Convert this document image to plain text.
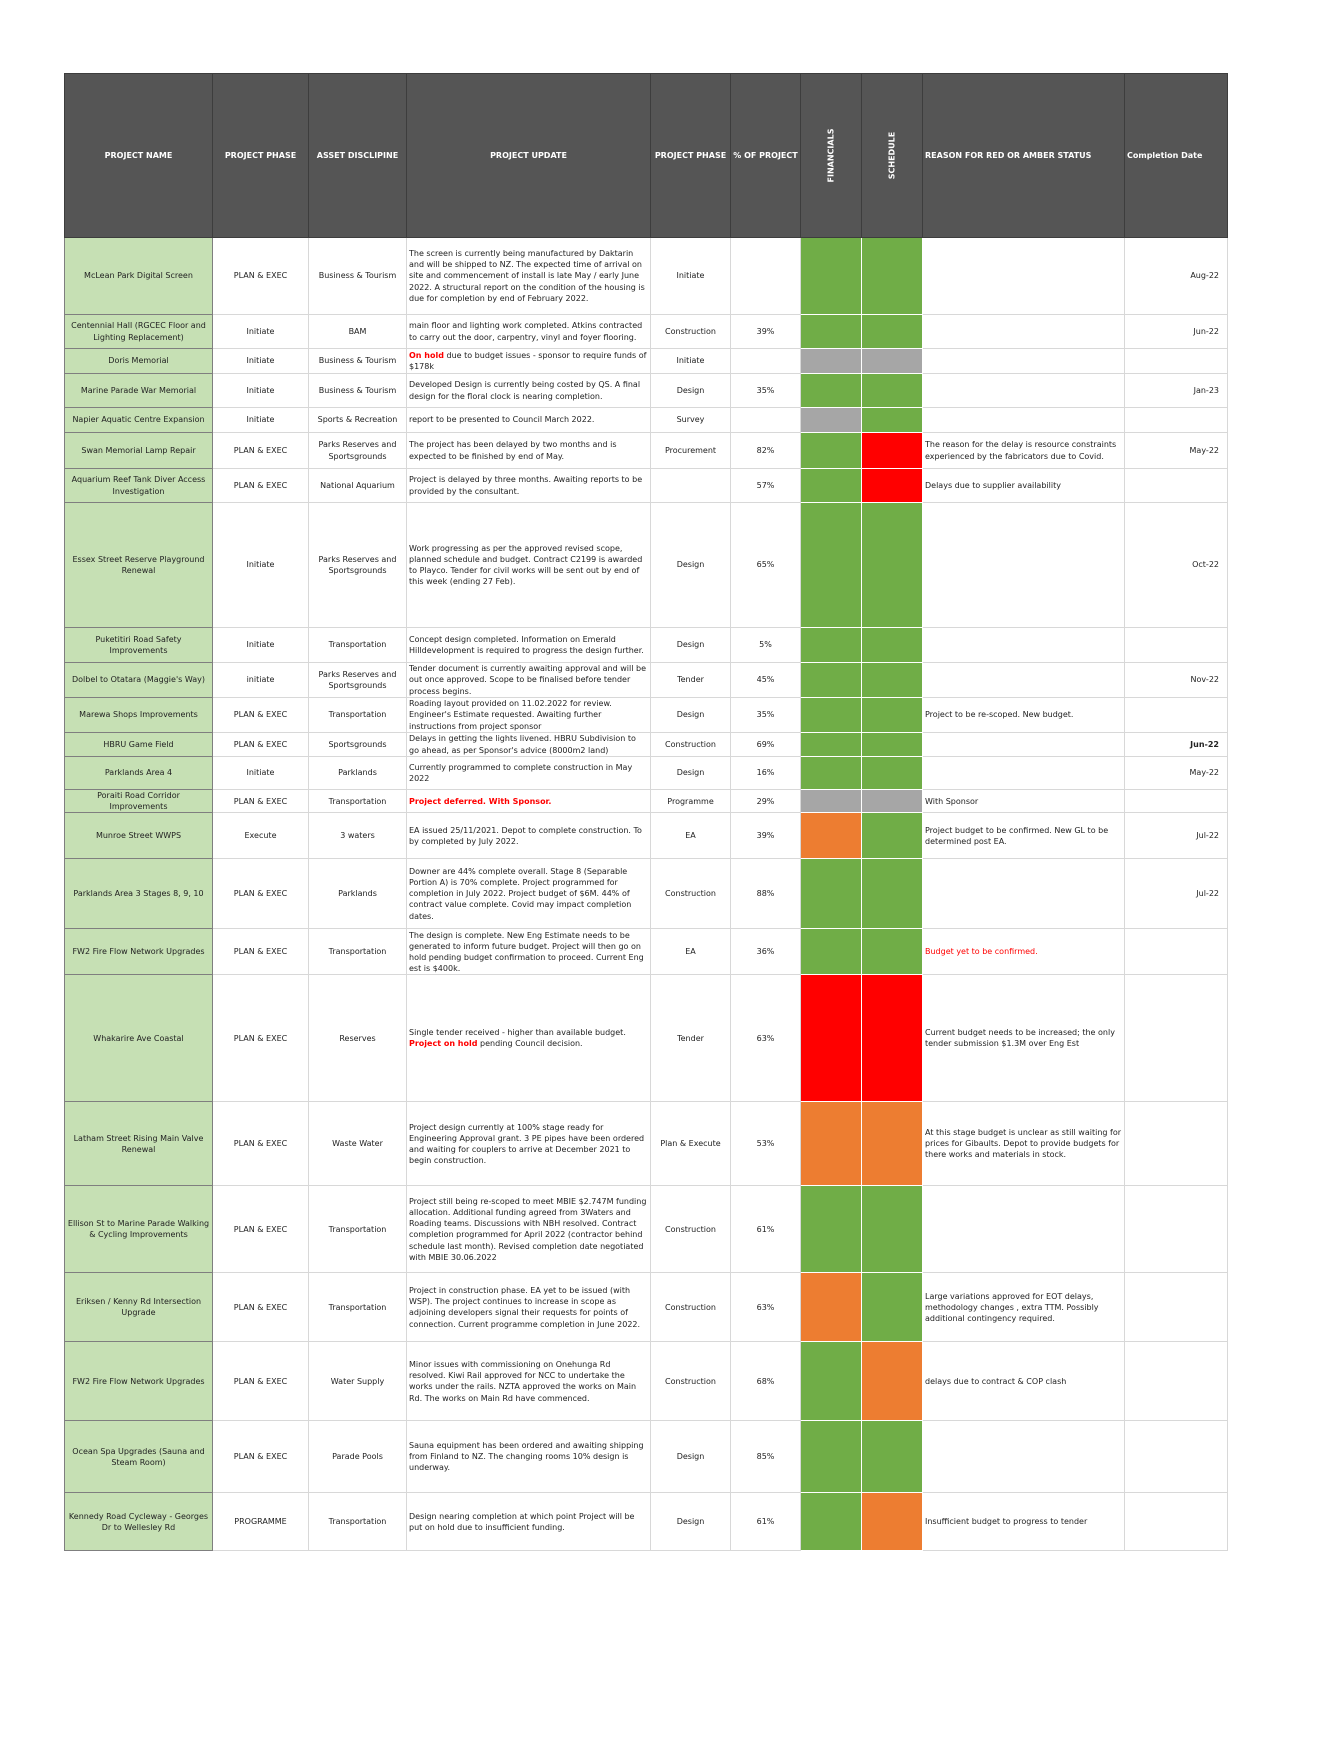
PROJECT NAME	PROJECT PHASE	ASSET DISCLIPINE	PROJECT UPDATE	PROJECT PHASE	% OF PROJECT	FINANCIALS	SCHEDULE	REASON FOR RED OR AMBER STATUS	Completion Date
McLean Park Digital Screen	PLAN & EXEC	Business & Tourism	The screen is currently being manufactured by Daktarin and will be shipped to NZ. The expected time of arrival on site and commencement of install is late May / early June 2022. A structural report on the condition of the housing is due for completion by end of February 2022.	Initiate					Aug-22
Centennial Hall (RGCEC Floor and Lighting Replacement)	Initiate	BAM	main floor and lighting work completed. Atkins contracted to carry out the door, carpentry, vinyl and foyer flooring.	Construction	39%				Jun-22
Doris Memorial	Initiate	Business & Tourism	On hold due to budget issues - sponsor to require funds of $178k	Initiate					
Marine Parade War Memorial	Initiate	Business & Tourism	Developed Design is currently being costed by QS. A final design for the floral clock is nearing completion.	Design	35%				Jan-23
Napier Aquatic Centre Expansion	Initiate	Sports & Recreation	report to be presented to Council March 2022.	Survey					
Swan Memorial Lamp Repair	PLAN & EXEC	Parks Reserves and Sportsgrounds	The project has been delayed by two months and is expected to be finished by end of May.	Procurement	82%			The reason for the delay is resource constraints experienced by the fabricators due to Covid.	May-22
Aquarium Reef Tank Diver Access Investigation	PLAN & EXEC	National Aquarium	Project is delayed by three months. Awaiting reports to be provided by the consultant.		57%			Delays due to supplier availability	
Essex Street Reserve Playground Renewal	Initiate	Parks Reserves and Sportsgrounds	Work progressing as per the approved revised scope, planned schedule and budget. Contract C2199 is awarded to Playco. Tender for civil works will be sent out by end of this week (ending 27 Feb).	Design	65%				Oct-22
Puketitiri Road Safety Improvements	Initiate	Transportation	Concept design completed. Information on Emerald Hilldevelopment is required to progress the design further.	Design	5%				
Dolbel to Otatara (Maggie's Way)	initiate	Parks Reserves and Sportsgrounds	Tender document is currently awaiting approval and will be out once approved. Scope to be finalised before tender process begins.	Tender	45%				Nov-22
Marewa Shops Improvements	PLAN & EXEC	Transportation	Roading layout provided on 11.02.2022 for review. Engineer's Estimate requested. Awaiting further instructions from project sponsor	Design	35%			Project to be re-scoped. New budget.	
HBRU Game Field	PLAN & EXEC	Sportsgrounds	Delays in getting the lights livened. HBRU Subdivision to go ahead, as per Sponsor's advice (8000m2 land)	Construction	69%				Jun-22
Parklands Area 4	Initiate	Parklands	Currently programmed to complete construction in May 2022	Design	16%				May-22
Poraiti Road Corridor Improvements	PLAN & EXEC	Transportation	Project deferred. With Sponsor.	Programme	29%			With Sponsor	
Munroe Street WWPS	Execute	3 waters	EA issued 25/11/2021. Depot to complete construction. To by completed by July 2022.	EA	39%			Project budget to be confirmed. New GL to be determined post EA.	Jul-22
Parklands Area 3 Stages 8, 9, 10	PLAN & EXEC	Parklands	Downer are 44% complete overall. Stage 8 (Separable Portion A) is 70% complete. Project programmed for completion in July 2022. Project budget of $6M. 44% of contract value complete. Covid may impact completion dates.	Construction	88%				Jul-22
FW2 Fire Flow Network Upgrades	PLAN & EXEC	Transportation	The design is complete. New Eng Estimate needs to be generated to inform future budget. Project will then go on hold pending budget confirmation to proceed. Current Eng est is $400k.	EA	36%			Budget yet to be confirmed.	
Whakarire Ave Coastal	PLAN & EXEC	Reserves	Single tender received - higher than available budget. Project on hold pending Council decision.	Tender	63%			Current budget needs to be increased; the only tender submission $1.3M over Eng Est	
Latham Street Rising Main Valve Renewal	PLAN & EXEC	Waste Water	Project design currently at 100% stage ready for Engineering Approval grant. 3 PE pipes have been ordered and waiting for couplers to arrive at December 2021 to begin construction.	Plan & Execute	53%			At this stage budget is unclear as still waiting for prices for Gibaults. Depot to provide budgets for there works and materials in stock.	
Ellison St to Marine Parade Walking & Cycling Improvements	PLAN & EXEC	Transportation	Project still being re-scoped to meet MBIE $2.747M funding allocation. Additional funding agreed from 3Waters and Roading teams. Discussions with NBH resolved. Contract completion programmed for April 2022 (contractor behind schedule last month). Revised completion date negotiated with MBIE 30.06.2022	Construction	61%				
Eriksen / Kenny Rd Intersection Upgrade	PLAN & EXEC	Transportation	Project in construction phase. EA yet to be issued (with WSP). The project continues to increase in scope as adjoining developers signal their requests for points of connection. Current programme completion in June 2022.	Construction	63%			Large variations approved for EOT delays, methodology changes , extra TTM. Possibly additional contingency required.	
FW2 Fire Flow Network Upgrades	PLAN & EXEC	Water Supply	Minor issues with commissioning on Onehunga Rd resolved. Kiwi Rail approved for NCC to undertake the works under the rails. NZTA approved the works on Main Rd. The works on Main Rd have commenced.	Construction	68%			delays due to contract & COP clash	
Ocean Spa Upgrades (Sauna and Steam Room)	PLAN & EXEC	Parade Pools	Sauna equipment has been ordered and awaiting shipping from Finland to NZ. The changing rooms 10% design is underway.	Design	85%				
Kennedy Road Cycleway - Georges Dr to Wellesley Rd	PROGRAMME	Transportation	Design nearing completion at which point Project will be put on hold due to insufficient funding.	Design	61%			Insufficient budget to progress to tender	
